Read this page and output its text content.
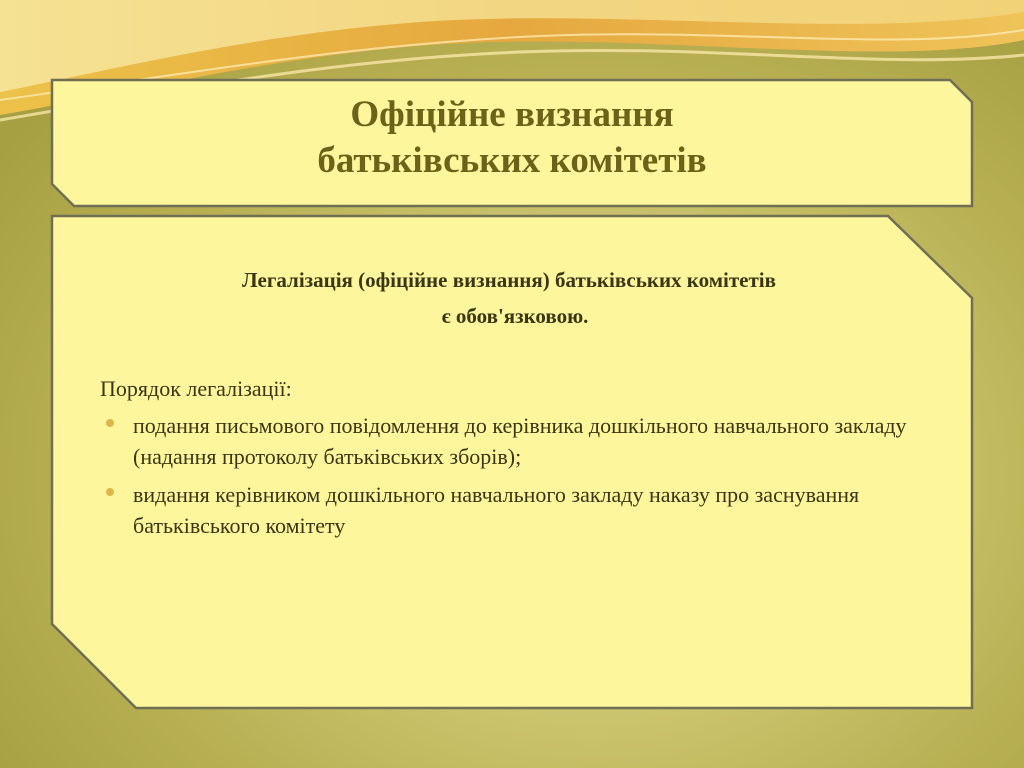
Офіційне визнання
батьківських комітетів
Легалізація (офіційне визнання) батьківських комітетів
є обов'язковою.
Порядок легалізації:
подання письмового повідомлення до керівника дошкільного навчального закладу (надання протоколу батьківських зборів);
видання керівником дошкільного навчального закладу наказу про заснування батьківського комітету
